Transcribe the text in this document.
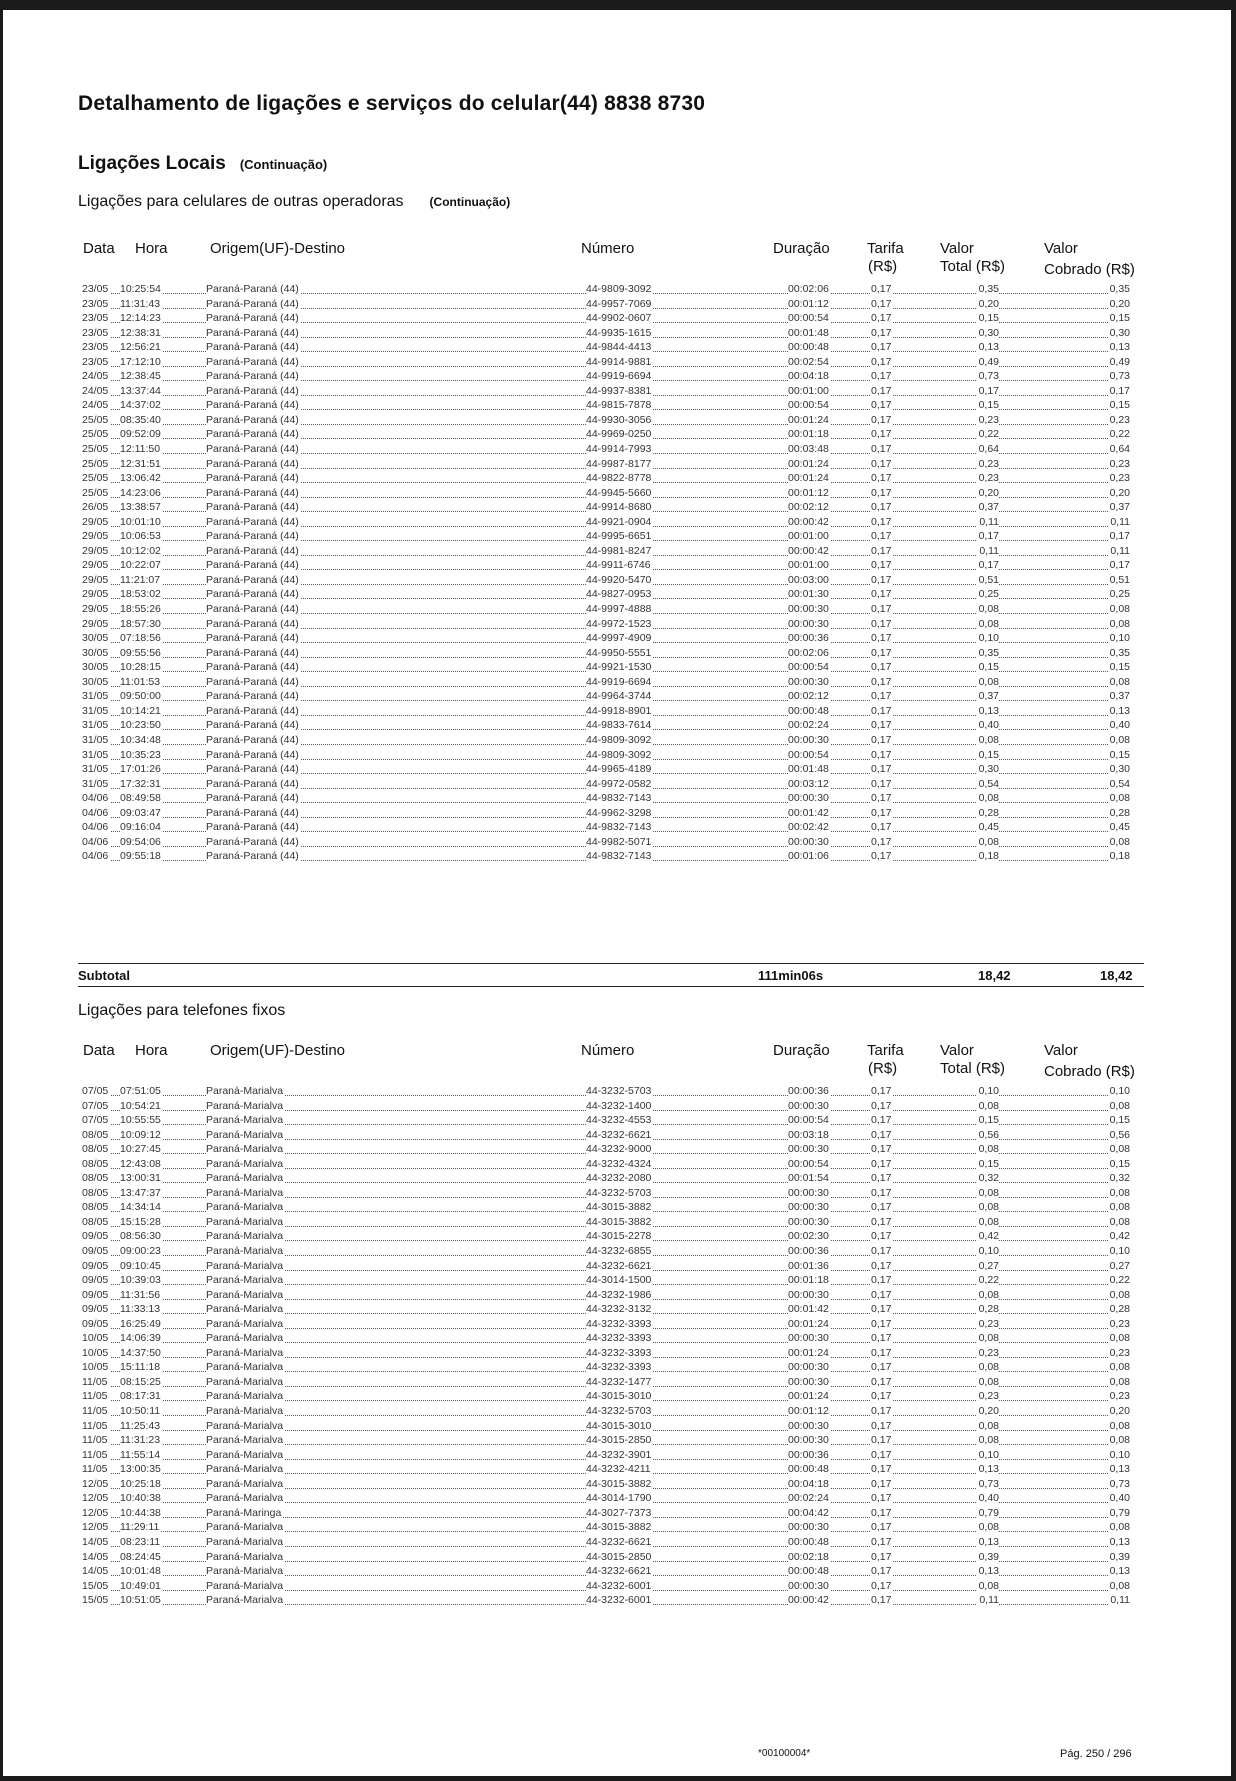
Detalhamento de ligações e serviços do celular(44) 8838 8730
Ligações Locais (Continuação)
Ligações para celulares de outras operadoras (Continuação)
Data Hora	Origem(UF)-Destino	Número	Duração Tarifa
(R$)
Valor
Total (R$)
Valor
Cobrado (R$)
23/05 10:25:54	Paraná-Paraná (44)	44-9809-3092	00:02:06	0,17	0,35	0,35
23/05 11:31:43	Paraná-Paraná (44)	44-9957-7069	00:01:12	0,17	0,20	0,20
23/05 12:14:23	Paraná-Paraná (44)	44-9902-0607	00:00:54	0,17	0,15	0,15
23/05 12:38:31	Paraná-Paraná (44)	44-9935-1615	00:01:48	0,17	0,30	0,30
23/05 12:56:21	Paraná-Paraná (44)	44-9844-4413	00:00:48	0,17	0,13	0,13
23/05 17:12:10	Paraná-Paraná (44)	44-9914-9881	00:02:54	0,17	0,49	0,49
24/05 12:38:45	Paraná-Paraná (44)	44-9919-6694	00:04:18	0,17	0,73	0,73
24/05 13:37:44	Paraná-Paraná (44)	44-9937-8381	00:01:00	0,17	0,17	0,17
24/05 14:37:02	Paraná-Paraná (44)	44-9815-7878	00:00:54	0,17	0,15	0,15
25/05 08:35:40	Paraná-Paraná (44)	44-9930-3056	00:01:24	0,17	0,23	0,23
25/05 09:52:09	Paraná-Paraná (44)	44-9969-0250	00:01:18	0,17	0,22	0,22
25/05 12:11:50	Paraná-Paraná (44)	44-9914-7993	00:03:48	0,17	0,64	0,64
25/05 12:31:51	Paraná-Paraná (44)	44-9987-8177	00:01:24	0,17	0,23	0,23
25/05 13:06:42	Paraná-Paraná (44)	44-9822-8778	00:01:24	0,17	0,23	0,23
25/05 14:23:06	Paraná-Paraná (44)	44-9945-5660	00:01:12	0,17	0,20	0,20
26/05 13:38:57	Paraná-Paraná (44)	44-9914-8680	00:02:12	0,17	0,37	0,37
29/05 10:01:10	Paraná-Paraná (44)	44-9921-0904	00:00:42	0,17	0,11	0,11
29/05 10:06:53	Paraná-Paraná (44)	44-9995-6651	00:01:00	0,17	0,17	0,17
29/05 10:12:02	Paraná-Paraná (44)	44-9981-8247	00:00:42	0,17	0,11	0,11
29/05 10:22:07	Paraná-Paraná (44)	44-9911-6746	00:01:00	0,17	0,17	0,17
29/05 11:21:07	Paraná-Paraná (44)	44-9920-5470	00:03:00	0,17	0,51	0,51
29/05 18:53:02	Paraná-Paraná (44)	44-9827-0953	00:01:30	0,17	0,25	0,25
29/05 18:55:26	Paraná-Paraná (44)	44-9997-4888	00:00:30	0,17	0,08	0,08
29/05 18:57:30	Paraná-Paraná (44)	44-9972-1523	00:00:30	0,17	0,08	0,08
30/05 07:18:56	Paraná-Paraná (44)	44-9997-4909	00:00:36	0,17	0,10	0,10
30/05 09:55:56	Paraná-Paraná (44)	44-9950-5551	00:02:06	0,17	0,35	0,35
30/05 10:28:15	Paraná-Paraná (44)	44-9921-1530	00:00:54	0,17	0,15	0,15
30/05 11:01:53	Paraná-Paraná (44)	44-9919-6694	00:00:30	0,17	0,08	0,08
31/05 09:50:00	Paraná-Paraná (44)	44-9964-3744	00:02:12	0,17	0,37	0,37
31/05 10:14:21	Paraná-Paraná (44)	44-9918-8901	00:00:48	0,17	0,13	0,13
31/05 10:23:50	Paraná-Paraná (44)	44-9833-7614	00:02:24	0,17	0,40	0,40
31/05 10:34:48	Paraná-Paraná (44)	44-9809-3092	00:00:30	0,17	0,08	0,08
31/05 10:35:23	Paraná-Paraná (44)	44-9809-3092	00:00:54	0,17	0,15	0,15
31/05 17:01:26	Paraná-Paraná (44)	44-9965-4189	00:01:48	0,17	0,30	0,30
31/05 17:32:31	Paraná-Paraná (44)	44-9972-0582	00:03:12	0,17	0,54	0,54
04/06 08:49:58	Paraná-Paraná (44)	44-9832-7143	00:00:30	0,17	0,08	0,08
04/06 09:03:47	Paraná-Paraná (44)	44-9962-3298	00:01:42	0,17	0,28	0,28
04/06 09:16:04	Paraná-Paraná (44)	44-9832-7143	00:02:42	0,17	0,45	0,45
04/06 09:54:06	Paraná-Paraná (44)	44-9982-5071	00:00:30	0,17	0,08	0,08
04/06 09:55:18	Paraná-Paraná (44)	44-9832-7143	00:01:06	0,17	0,18	0,18
Subtotal	111min06s	18,42	18,42
Ligações para telefones fixos
Data Hora	Origem(UF)-Destino	Número	Duração Tarifa
(R$)
Valor
Total (R$)
Valor
Cobrado (R$)
07/05 07:51:05	Paraná-Marialva	44-3232-5703	00:00:36	0,17	0,10	0,10
07/05 10:54:21	Paraná-Marialva	44-3232-1400	00:00:30	0,17	0,08	0,08
07/05 10:55:55	Paraná-Marialva	44-3232-4553	00:00:54	0,17	0,15	0,15
08/05 10:09:12	Paraná-Marialva	44-3232-6621	00:03:18	0,17	0,56	0,56
08/05 10:27:45	Paraná-Marialva	44-3232-9000	00:00:30	0,17	0,08	0,08
08/05 12:43:08	Paraná-Marialva	44-3232-4324	00:00:54	0,17	0,15	0,15
08/05 13:00:31	Paraná-Marialva	44-3232-2080	00:01:54	0,17	0,32	0,32
08/05 13:47:37	Paraná-Marialva	44-3232-5703	00:00:30	0,17	0,08	0,08
08/05 14:34:14	Paraná-Marialva	44-3015-3882	00:00:30	0,17	0,08	0,08
08/05 15:15:28	Paraná-Marialva	44-3015-3882	00:00:30	0,17	0,08	0,08
09/05 08:56:30	Paraná-Marialva	44-3015-2278	00:02:30	0,17	0,42	0,42
09/05 09:00:23	Paraná-Marialva	44-3232-6855	00:00:36	0,17	0,10	0,10
09/05 09:10:45	Paraná-Marialva	44-3232-6621	00:01:36	0,17	0,27	0,27
09/05 10:39:03	Paraná-Marialva	44-3014-1500	00:01:18	0,17	0,22	0,22
09/05 11:31:56	Paraná-Marialva	44-3232-1986	00:00:30	0,17	0,08	0,08
09/05 11:33:13	Paraná-Marialva	44-3232-3132	00:01:42	0,17	0,28	0,28
09/05 16:25:49	Paraná-Marialva	44-3232-3393	00:01:24	0,17	0,23	0,23
10/05 14:06:39	Paraná-Marialva	44-3232-3393	00:00:30	0,17	0,08	0,08
10/05 14:37:50	Paraná-Marialva	44-3232-3393	00:01:24	0,17	0,23	0,23
10/05 15:11:18	Paraná-Marialva	44-3232-3393	00:00:30	0,17	0,08	0,08
11/05 08:15:25	Paraná-Marialva	44-3232-1477	00:00:30	0,17	0,08	0,08
11/05 08:17:31	Paraná-Marialva	44-3015-3010	00:01:24	0,17	0,23	0,23
11/05 10:50:11	Paraná-Marialva	44-3232-5703	00:01:12	0,17	0,20	0,20
11/05 11:25:43	Paraná-Marialva	44-3015-3010	00:00:30	0,17	0,08	0,08
11/05 11:31:23	Paraná-Marialva	44-3015-2850	00:00:30	0,17	0,08	0,08
11/05 11:55:14	Paraná-Marialva	44-3232-3901	00:00:36	0,17	0,10	0,10
11/05 13:00:35	Paraná-Marialva	44-3232-4211	00:00:48	0,17	0,13	0,13
12/05 10:25:18	Paraná-Marialva	44-3015-3882	00:04:18	0,17	0,73	0,73
12/05 10:40:38	Paraná-Marialva	44-3014-1790	00:02:24	0,17	0,40	0,40
12/05 10:44:38	Paraná-Maringa	44-3027-7373	00:04:42	0,17	0,79	0,79
12/05 11:29:11	Paraná-Marialva	44-3015-3882	00:00:30	0,17	0,08	0,08
14/05 08:23:11	Paraná-Marialva	44-3232-6621	00:00:48	0,17	0,13	0,13
14/05 08:24:45	Paraná-Marialva	44-3015-2850	00:02:18	0,17	0,39	0,39
14/05 10:01:48	Paraná-Marialva	44-3232-6621	00:00:48	0,17	0,13	0,13
15/05 10:49:01	Paraná-Marialva	44-3232-6001	00:00:30	0,17	0,08	0,08
15/05 10:51:05	Paraná-Marialva	44-3232-6001	00:00:42	0,17	0,11	0,11
*00100004*	Pág. 250 / 296
